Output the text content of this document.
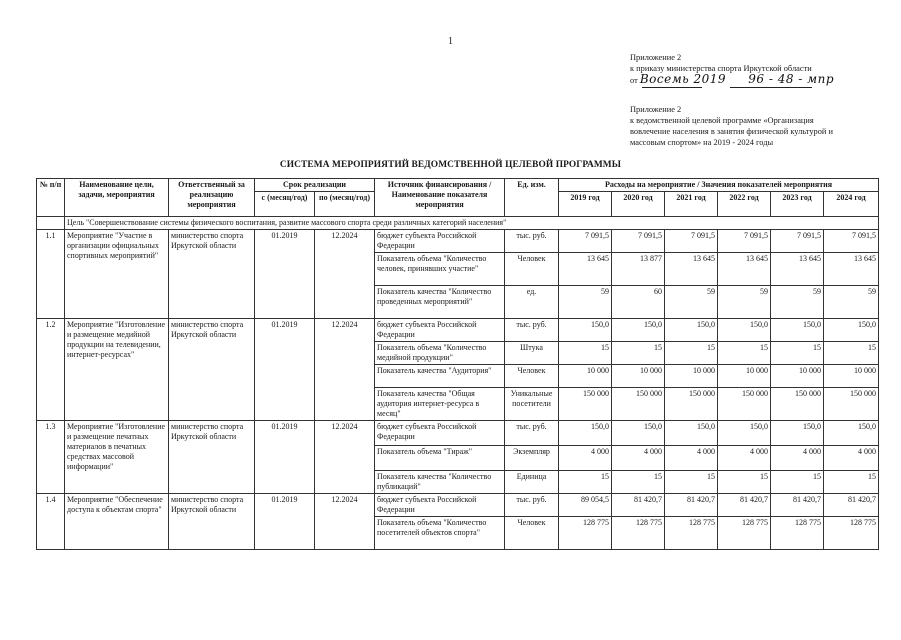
1
Приложение 2
к приказу министерства спорта Иркутской области
от Восемь 2019 96 - 48 - мпр
Приложение 2
к ведомственной целевой программе «Организация
вовлечение населения в занятия физической культурой и
массовым спортом» на 2019 - 2024 годы
СИСТЕМА МЕРОПРИЯТИЙ ВЕДОМСТВЕННОЙ ЦЕЛЕВОЙ ПРОГРАММЫ
№ п/п	Наименование цели, задачи, мероприятия	Ответственный за реализацию мероприятия	Срок реализации		Источник финансирования / Наименование показателя мероприятия	Ед. изм.	Расходы на мероприятие / Значения показателей мероприятия					
			с (месяц/год)	по (месяц/год)			2019 год	2020 год	2021 год	2022 год	2023 год	2024 год
	Цель "Совершенствование системы физического воспитания, развитие массового спорта среди различных категорий населения"											
1.1	Мероприятие "Участие в организации официальных спортивных мероприятий"	министерство спорта Иркутской области	01.2019	12.2024	бюджет субъекта Российской Федерации	тыс. руб.	7 091,5	7 091,5	7 091,5	7 091,5	7 091,5	7 091,5
					Показатель объема "Количество человек, принявших участие"	Человек	13 645	13 877	13 645	13 645	13 645	13 645
					Показатель качества "Количество проведенных мероприятий"	ед.	59	60	59	59	59	59
1.2	Мероприятие "Изготовление и размещение медийной продукции на телевидении, интернет-ресурсах"	министерство спорта Иркутской области	01.2019	12.2024	бюджет субъекта Российской Федерации	тыс. руб.	150,0	150,0	150,0	150,0	150,0	150,0
					Показатель объема "Количество медийной продукции"	Штука	15	15	15	15	15	15
					Показатель качества "Аудитория"	Человек	10 000	10 000	10 000	10 000	10 000	10 000
					Показатель качества "Общая аудитория интернет-ресурса в месяц"	Уникальные посетители	150 000	150 000	150 000	150 000	150 000	150 000
1.3	Мероприятие "Изготовление и размещение печатных материалов в печатных средствах массовой информации"	министерство спорта Иркутской области	01.2019	12.2024	бюджет субъекта Российской Федерации	тыс. руб.	150,0	150,0	150,0	150,0	150,0	150,0
					Показатель объема "Тираж"	Экземпляр	4 000	4 000	4 000	4 000	4 000	4 000
					Показатель качества "Количество публикаций"	Единица	15	15	15	15	15	15
1.4	Мероприятие "Обеспечение доступа к объектам спорта"	министерство спорта Иркутской области	01.2019	12.2024	бюджет субъекта Российской Федерации	тыс. руб.	89 054,5	81 420,7	81 420,7	81 420,7	81 420,7	81 420,7
					Показатель объема "Количество посетителей объектов спорта"	Человек	128 775	128 775	128 775	128 775	128 775	128 775
